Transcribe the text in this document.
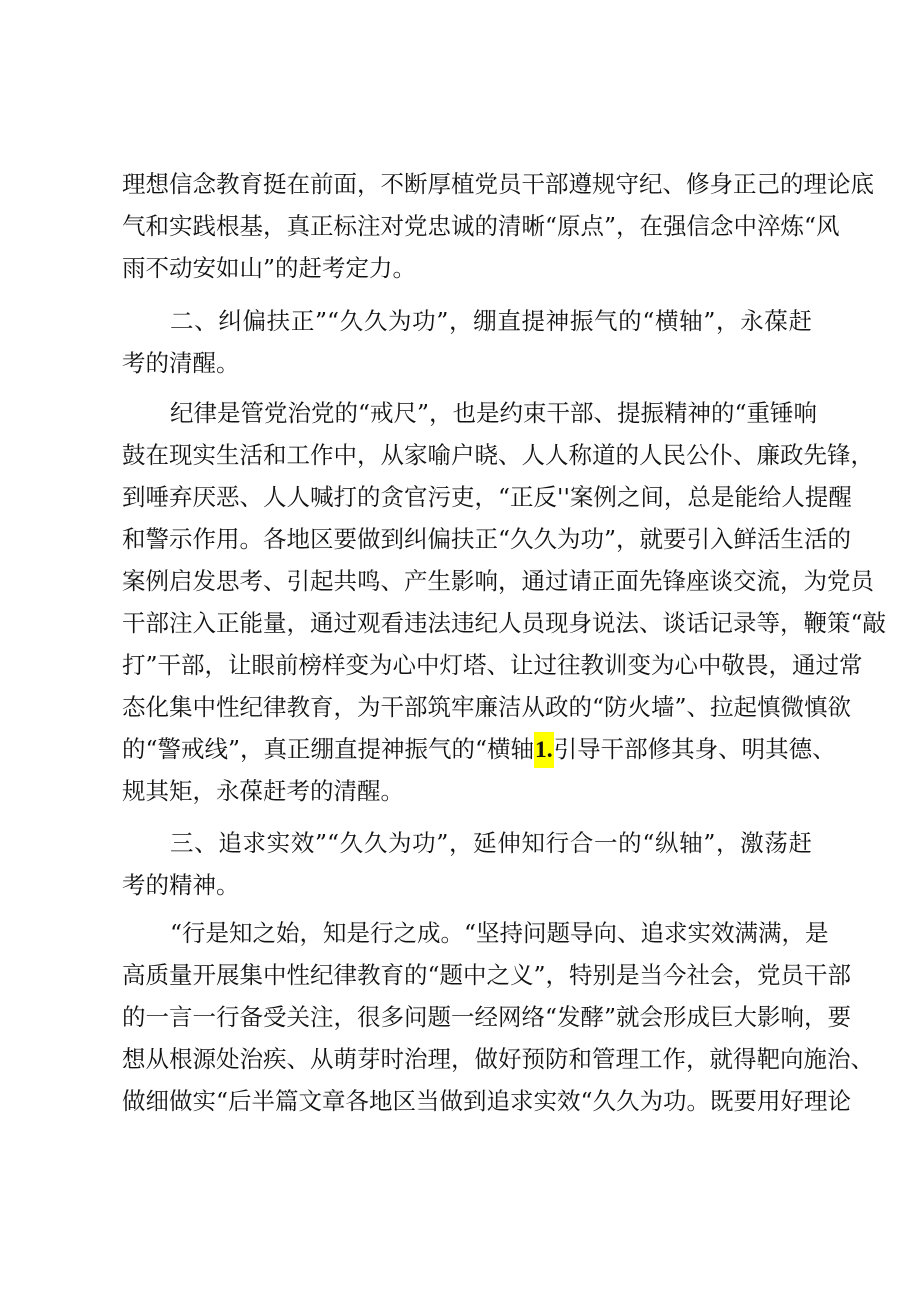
理想信念教育挺在前面，不断厚植党员干部遵规守纪、修身正己的理论底
气和实践根基，真正标注对党忠诚的清晰“原点”，在强信念中淬炼“风
雨不动安如山”的赶考定力。
二、纠偏扶正”“久久为功”，绷直提神振气的“横轴”，永葆赶
考的清醒。
纪律是管党治党的“戒尺”，也是约束干部、提振精神的“重锤响
鼓在现实生活和工作中，从家喻户晓、人人称道的人民公仆、廉政先锋，
到唾弃厌恶、人人喊打的贪官污吏，“正反''案例之间，总是能给人提醒
和警示作用。各地区要做到纠偏扶正“久久为功”，就要引入鲜活生活的
案例启发思考、引起共鸣、产生影响，通过请正面先锋座谈交流，为党员
干部注入正能量，通过观看违法违纪人员现身说法、谈话记录等，鞭策“敲
打”干部，让眼前榜样变为心中灯塔、让过往教训变为心中敬畏，通过常
态化集中性纪律教育，为干部筑牢廉洁从政的“防火墙”、拉起慎微慎欲
的“警戒线”，真正绷直提神振气的“横轴1.引导干部修其身、明其德、
规其矩，永葆赶考的清醒。
三、追求实效”“久久为功”，延伸知行合一的“纵轴”，激荡赶
考的精神。
“行是知之始，知是行之成。“坚持问题导向、追求实效满满，是
高质量开展集中性纪律教育的“题中之义”，特别是当今社会，党员干部
的一言一行备受关注，很多问题一经网络“发酵”就会形成巨大影响，要
想从根源处治疾、从萌芽时治理，做好预防和管理工作，就得靶向施治、
做细做实“后半篇文章各地区当做到追求实效“久久为功。既要用好理论
